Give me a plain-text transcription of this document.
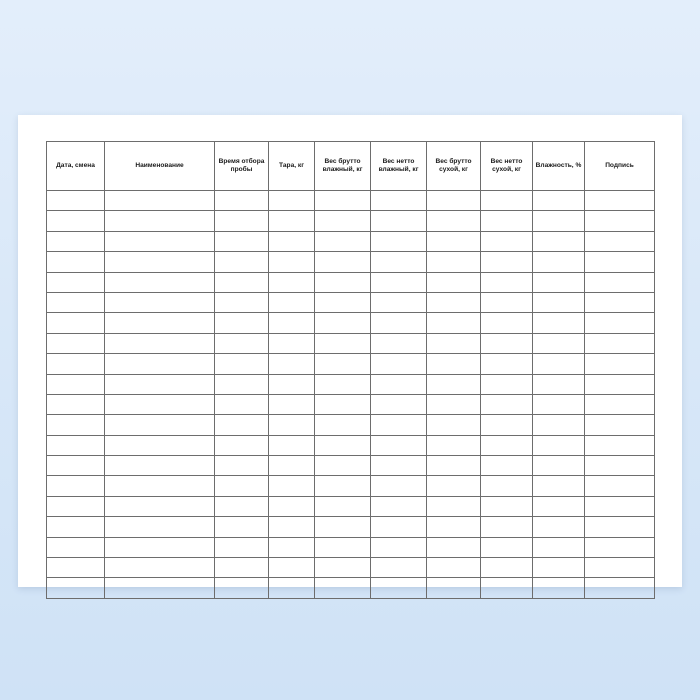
Дата, смена	Наименование	Время отбора пробы	Тара, кг	Вес брутто влажный, кг	Вес нетто влажный, кг	Вес брутто сухой, кг	Вес нетто сухой, кг	Влажность, %	Подпись
